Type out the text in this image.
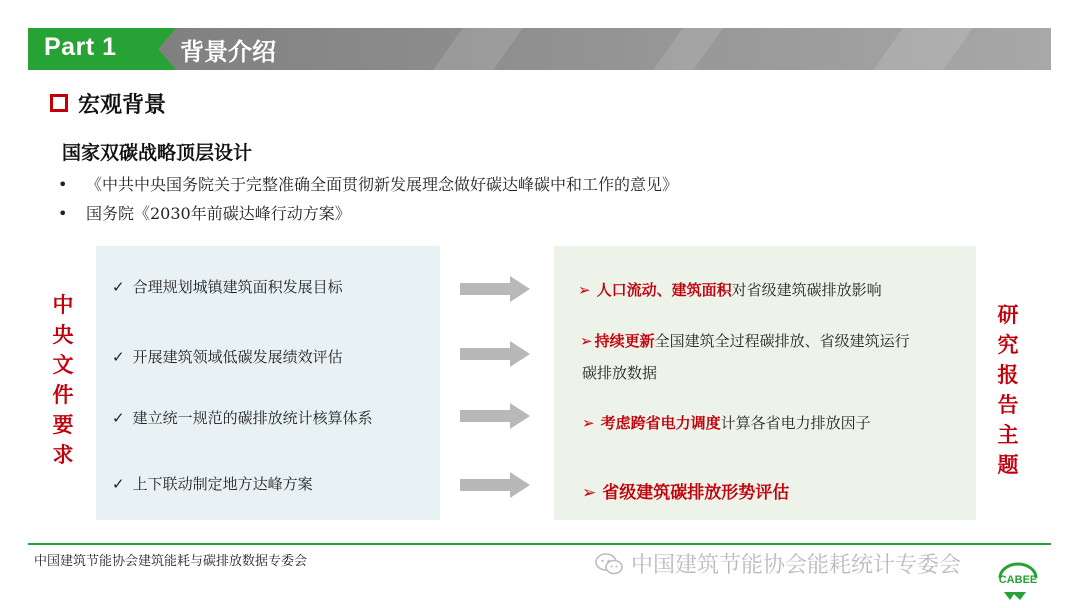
Part 1	背景介绍
宏观背景
国家双碳战略顶层设计
• 《中共中央国务院关于完整准确全面贯彻新发展理念做好碳达峰碳中和工作的意见》
• 国务院《2030年前碳达峰行动方案》
中央文件要求
✓ 合理规划城镇建筑面积发展目标
✓ 开展建筑领域低碳发展绩效评估
✓ 建立统一规范的碳排放统计核算体系
✓ 上下联动制定地方达峰方案
➢ 人口流动、建筑面积对省级建筑碳排放影响
➢ 持续更新全国建筑全过程碳排放、省级建筑运行
碳排放数据
➢ 考虑跨省电力调度计算各省电力排放因子
➢ 省级建筑碳排放形势评估
研究报告主题
中国建筑节能协会建筑能耗与碳排放数据专委会	中国建筑节能协会能耗统计专委会
CABEE
